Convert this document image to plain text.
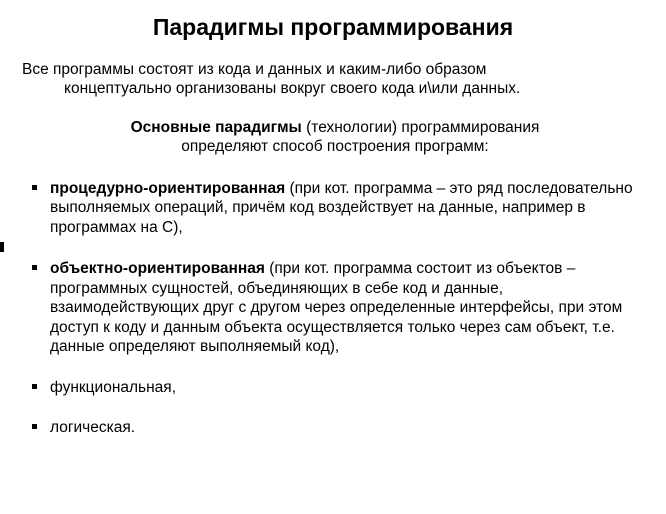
Парадигмы программирования

Все программы состоят из кода и данных и каким-либо образом
концептуально организованы вокруг своего кода и\или данных.

Основные парадигмы (технологии) программирования
определяют способ построения программ:

процедурно-ориентированная (при кот. программа – это ряд последовательно выполняемых операций, причём код воздействует на данные, например в программах на С),
объектно-ориентированная (при кот. программа состоит из объектов – программных сущностей, объединяющих в себе код и данные, взаимодействующих друг с другом через определенные интерфейсы, при этом доступ к коду и данным объекта осуществляется только через сам объект, т.е. данные определяют выполняемый код),
функциональная,
логическая.
